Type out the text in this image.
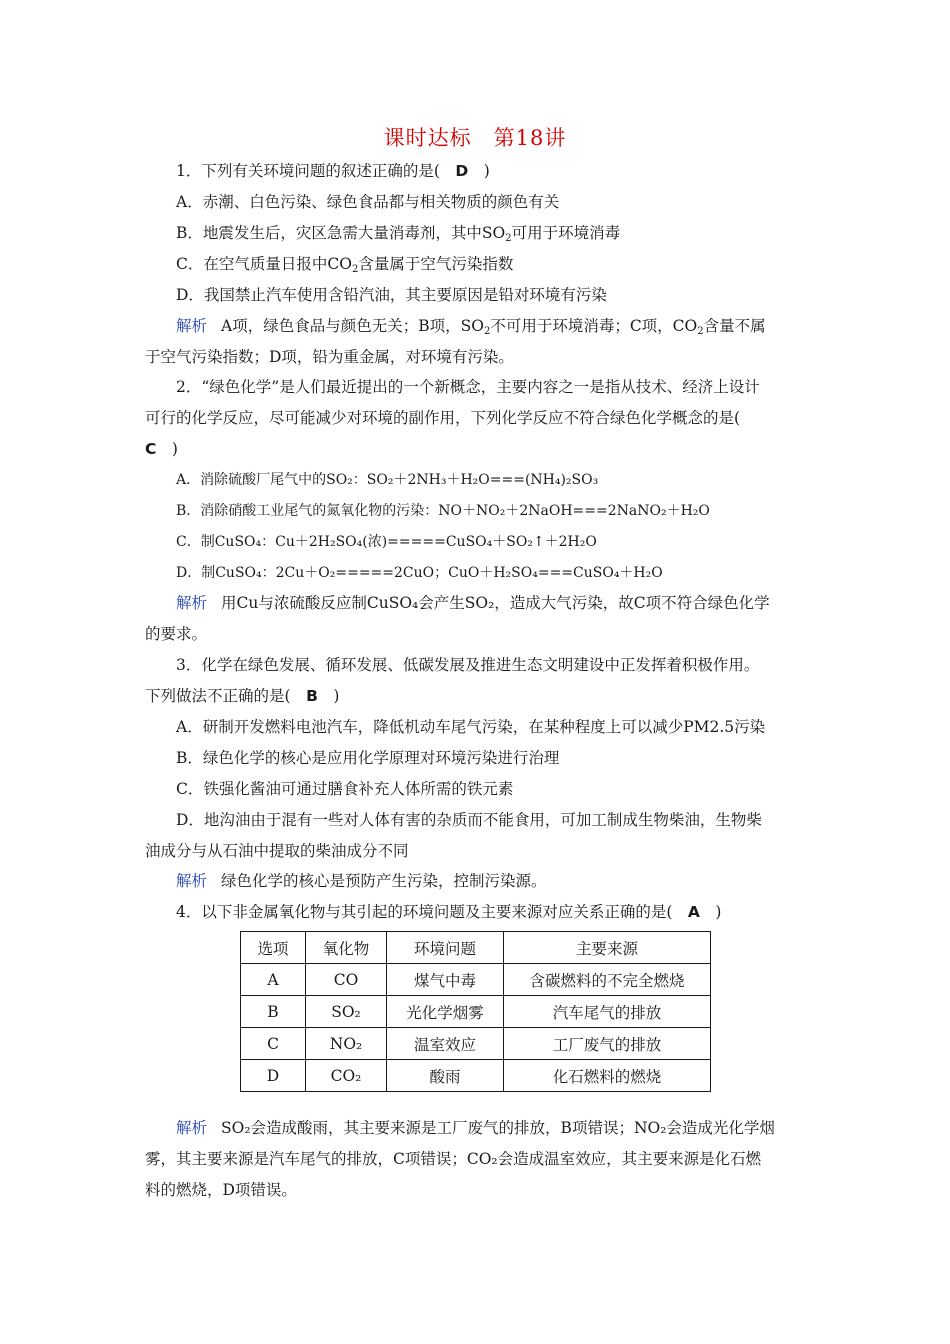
课时达标　第18讲
1．下列有关环境问题的叙述正确的是(　D　)
A．赤潮、白色污染、绿色食品都与相关物质的颜色有关
B．地震发生后，灾区急需大量消毒剂，其中$SO_2$可用于环境消毒
C．在空气质量日报中$CO_2$含量属于空气污染指数
D．我国禁止汽车使用含铅汽油，其主要原因是铅对环境有污染
解析 A项，绿色食品与颜色无关；B项，$SO_2$不可用于环境消毒；C项，$CO_2$含量不属
于空气污染指数；D项，铅为重金属，对环境有污染。
2．“绿色化学”是人们最近提出的一个新概念，主要内容之一是指从技术、经济上设计
可行的化学反应，尽可能减少对环境的副作用，下列化学反应不符合绿色化学概念的是(
C　)
A．消除硫酸厂尾气中的SO₂：SO₂＋2NH₃＋H₂O===(NH₄)₂SO₃
B．消除硝酸工业尾气的氮氧化物的污染：NO＋NO₂＋2NaOH===2NaNO₂＋H₂O
C．制CuSO₄：Cu＋2H₂SO₄(浓)=====CuSO₄＋SO₂↑＋2H₂O
D．制CuSO₄：2Cu＋O₂=====2CuO；CuO＋H₂SO₄===CuSO₄＋H₂O
解析 用Cu与浓硫酸反应制CuSO₄会产生SO₂，造成大气污染，故C项不符合绿色化学
的要求。
3．化学在绿色发展、循环发展、低碳发展及推进生态文明建设中正发挥着积极作用。
下列做法不正确的是(　B　)
A．研制开发燃料电池汽车，降低机动车尾气污染，在某种程度上可以减少PM2.5污染
B．绿色化学的核心是应用化学原理对环境污染进行治理
C．铁强化酱油可通过膳食补充人体所需的铁元素
D．地沟油由于混有一些对人体有害的杂质而不能食用，可加工制成生物柴油，生物柴
油成分与从石油中提取的柴油成分不同
解析 绿色化学的核心是预防产生污染，控制污染源。
4．以下非金属氧化物与其引起的环境问题及主要来源对应关系正确的是(　A　)
选项	氧化物	环境问题	主要来源
A	CO	煤气中毒	含碳燃料的不完全燃烧
B	SO₂	光化学烟雾	汽车尾气的排放
C	NO₂	温室效应	工厂废气的排放
D	CO₂	酸雨	化石燃料的燃烧
解析 SO₂会造成酸雨，其主要来源是工厂废气的排放，B项错误；NO₂会造成光化学烟
雾，其主要来源是汽车尾气的排放，C项错误；CO₂会造成温室效应，其主要来源是化石燃
料的燃烧，D项错误。
